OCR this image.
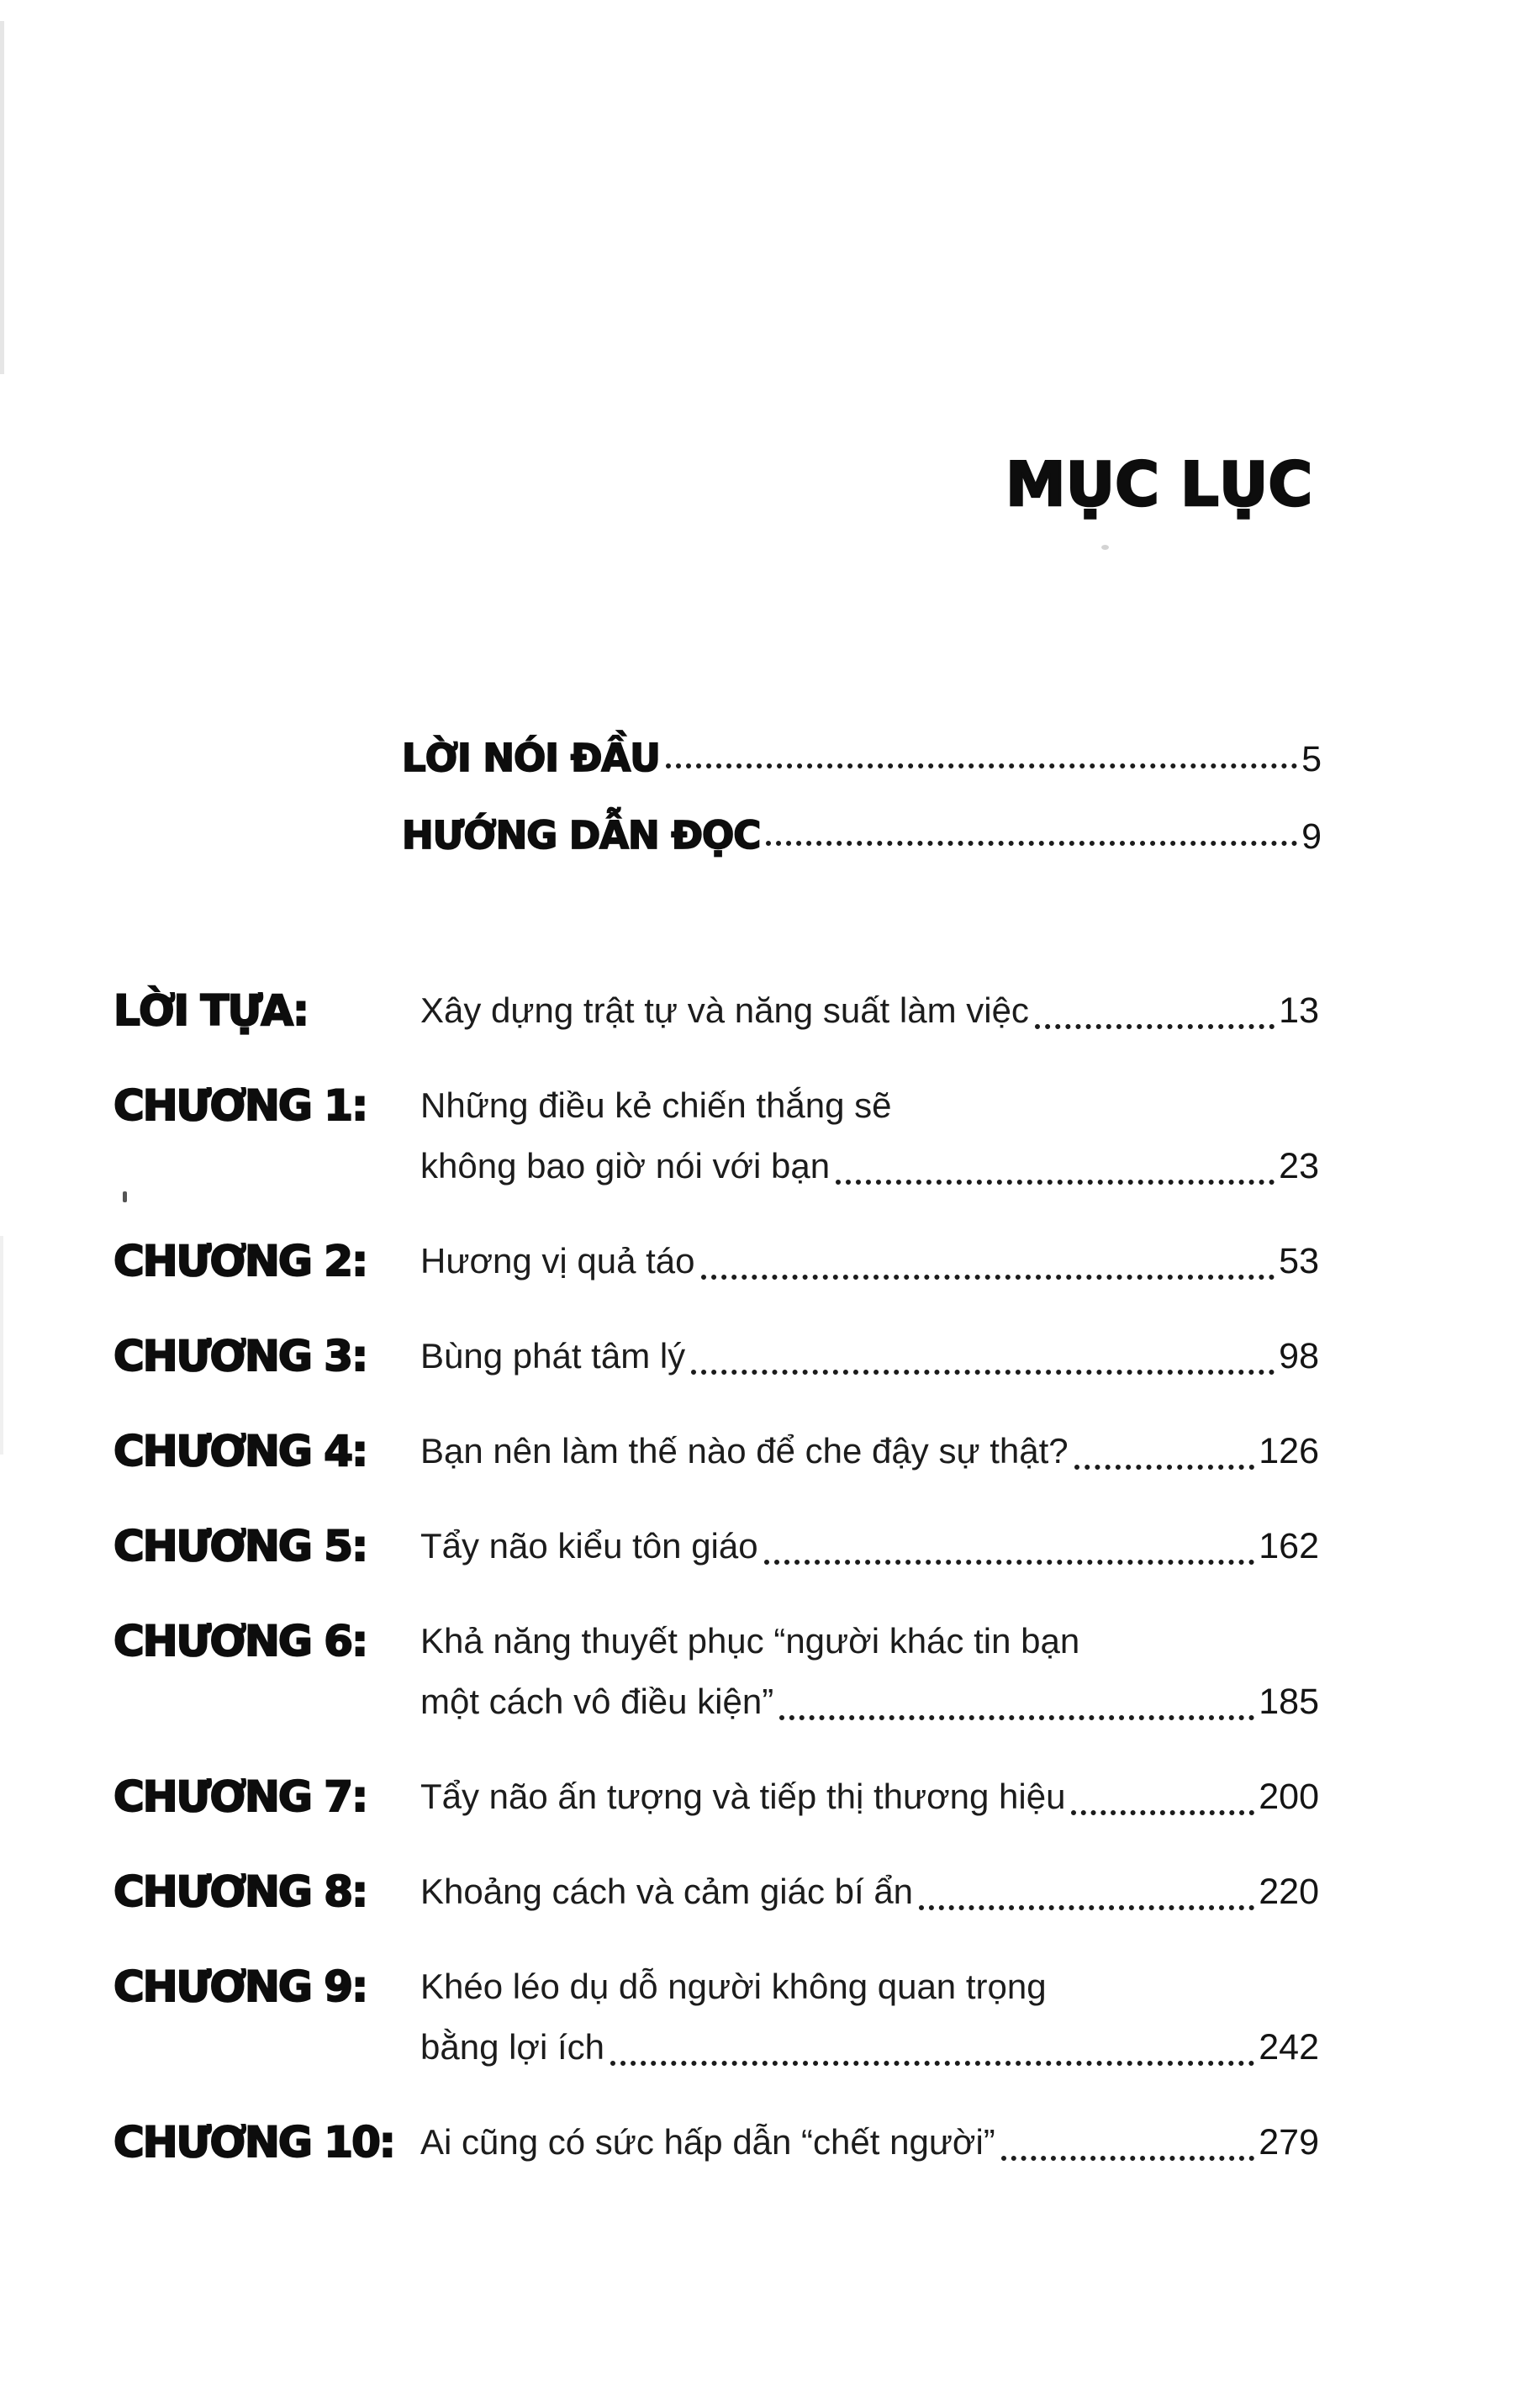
MỤC LỤC
LỜI NÓI ĐẦU	5
HƯỚNG DẪN ĐỌC	9
LỜI TỰA:	Xây dựng trật tự và năng suất làm việc	13
CHƯƠNG 1:	Những điều kẻ chiến thắng sẽ
không bao giờ nói với bạn	23
CHƯƠNG 2:	Hương vị quả táo	53
CHƯƠNG 3:	Bùng phát tâm lý	98
CHƯƠNG 4:	Bạn nên làm thế nào để che đậy sự thật?	126
CHƯƠNG 5:	Tẩy não kiểu tôn giáo	162
CHƯƠNG 6:	Khả năng thuyết phục “người khác tin bạn
một cách vô điều kiện”	185
CHƯƠNG 7:	Tẩy não ấn tượng và tiếp thị thương hiệu	200
CHƯƠNG 8:	Khoảng cách và cảm giác bí ẩn	220
CHƯƠNG 9:	Khéo léo dụ dỗ người không quan trọng
bằng lợi ích	242
CHƯƠNG 10: Ai cũng có sức hấp dẫn “chết người”	279
